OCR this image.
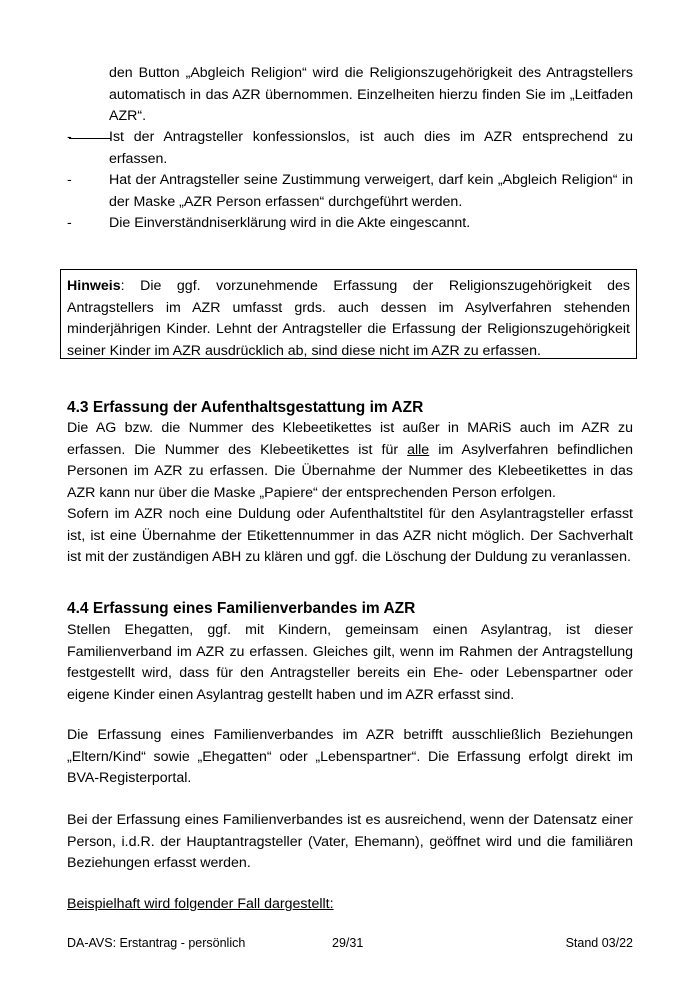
den Button „Abgleich Religion“ wird die Religionszugehörigkeit des Antragstellers automatisch in das AZR übernommen. Einzelheiten hierzu finden Sie im „Leitfaden AZR“.
-	Ist der Antragsteller konfessionslos, ist auch dies im AZR entsprechend zu erfassen.
-	Hat der Antragsteller seine Zustimmung verweigert, darf kein „Abgleich Religion“ in der Maske „AZR Person erfassen“ durchgeführt werden.
-	Die Einverständniserklärung wird in die Akte eingescannt.
Hinweis: Die ggf. vorzunehmende Erfassung der Religionszugehörigkeit des Antragstellers im AZR umfasst grds. auch dessen im Asylverfahren stehenden minderjährigen Kinder. Lehnt der Antragsteller die Erfassung der Religionszugehörigkeit seiner Kinder im AZR ausdrücklich ab, sind diese nicht im AZR zu erfassen.
4.3 Erfassung der Aufenthaltsgestattung im AZR
Die AG bzw. die Nummer des Klebeetikettes ist außer in MARiS auch im AZR zu erfassen. Die Nummer des Klebeetikettes ist für alle im Asylverfahren befindlichen Personen im AZR zu erfassen. Die Übernahme der Nummer des Klebeetikettes in das AZR kann nur über die Maske „Papiere“ der entsprechenden Person erfolgen.
Sofern im AZR noch eine Duldung oder Aufenthaltstitel für den Asylantragsteller erfasst ist, ist eine Übernahme der Etikettennummer in das AZR nicht möglich. Der Sachverhalt ist mit der zuständigen ABH zu klären und ggf. die Löschung der Duldung zu veranlassen.
4.4 Erfassung eines Familienverbandes im AZR
Stellen Ehegatten, ggf. mit Kindern, gemeinsam einen Asylantrag, ist dieser Familienverband im AZR zu erfassen. Gleiches gilt, wenn im Rahmen der Antragstellung festgestellt wird, dass für den Antragsteller bereits ein Ehe- oder Lebenspartner oder eigene Kinder einen Asylantrag gestellt haben und im AZR erfasst sind.
Die Erfassung eines Familienverbandes im AZR betrifft ausschließlich Beziehungen „Eltern/Kind“ sowie „Ehegatten“ oder „Lebenspartner“. Die Erfassung erfolgt direkt im BVA-Registerportal.
Bei der Erfassung eines Familienverbandes ist es ausreichend, wenn der Datensatz einer Person, i.d.R. der Hauptantragsteller (Vater, Ehemann), geöffnet wird und die familiären Beziehungen erfasst werden.
Beispielhaft wird folgender Fall dargestellt:
DA-AVS: Erstantrag - persönlich	29/31	Stand 03/22
